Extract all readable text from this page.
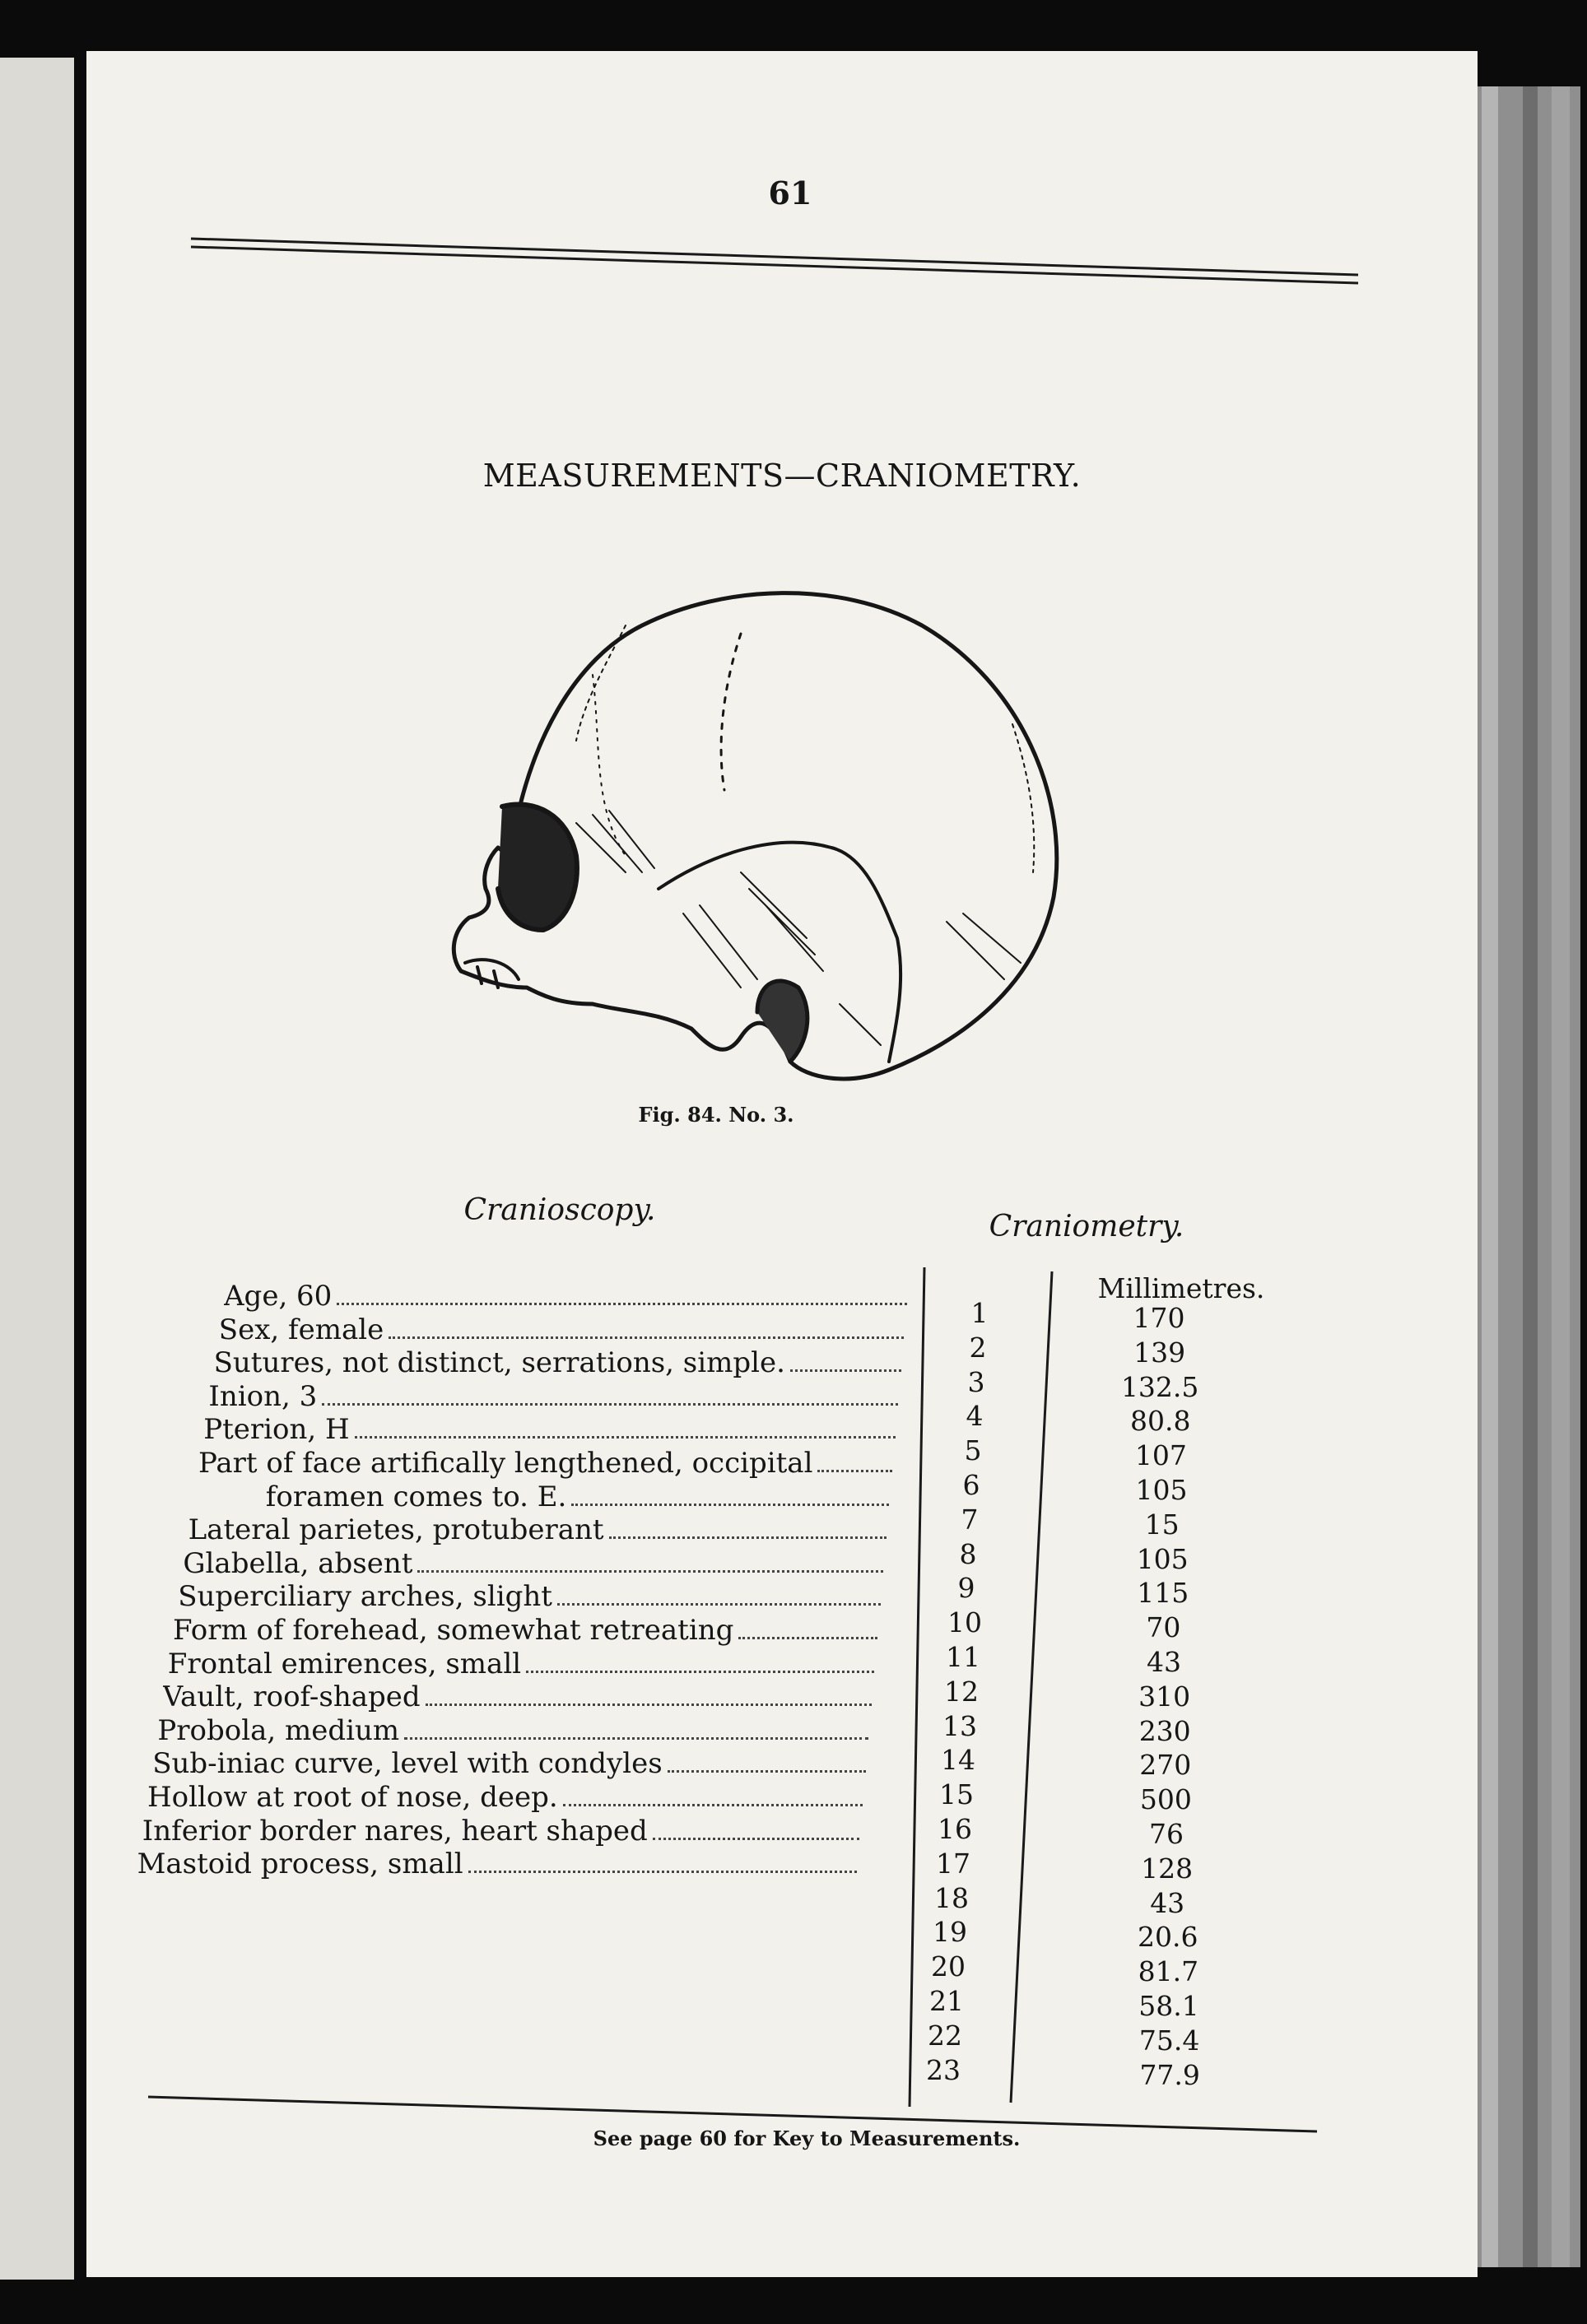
61
MEASUREMENTS—CRANIOMETRY.
Fig. 84. No. 3.
Cranioscopy.	Craniometry.
Millimetres.
Age, 60
Sex, female
Sutures, not distinct, serrations, simple.
Inion, 3
Pterion, H
Part of face artifically lengthened, occipital
foramen comes to. E.
Lateral parietes, protuberant
Glabella, absent
Superciliary arches, slight
Form of forehead, somewhat retreating
Frontal emirences, small
Vault, roof-shaped
Probola, medium
Sub-iniac curve, level with condyles
Hollow at root of nose, deep.
Inferior border nares, heart shaped
Mastoid process, small
1
2
3
4
5
6
7
8
9
10
11
12
13
14
15
16
17
18
19
20
21
22
23
170
139
132.5
80.8
107
105
15
105
115
70
43
310
230
270
500
76
128
43
20.6
81.7
58.1
75.4
77.9
See page 60 for Key to Measurements.
